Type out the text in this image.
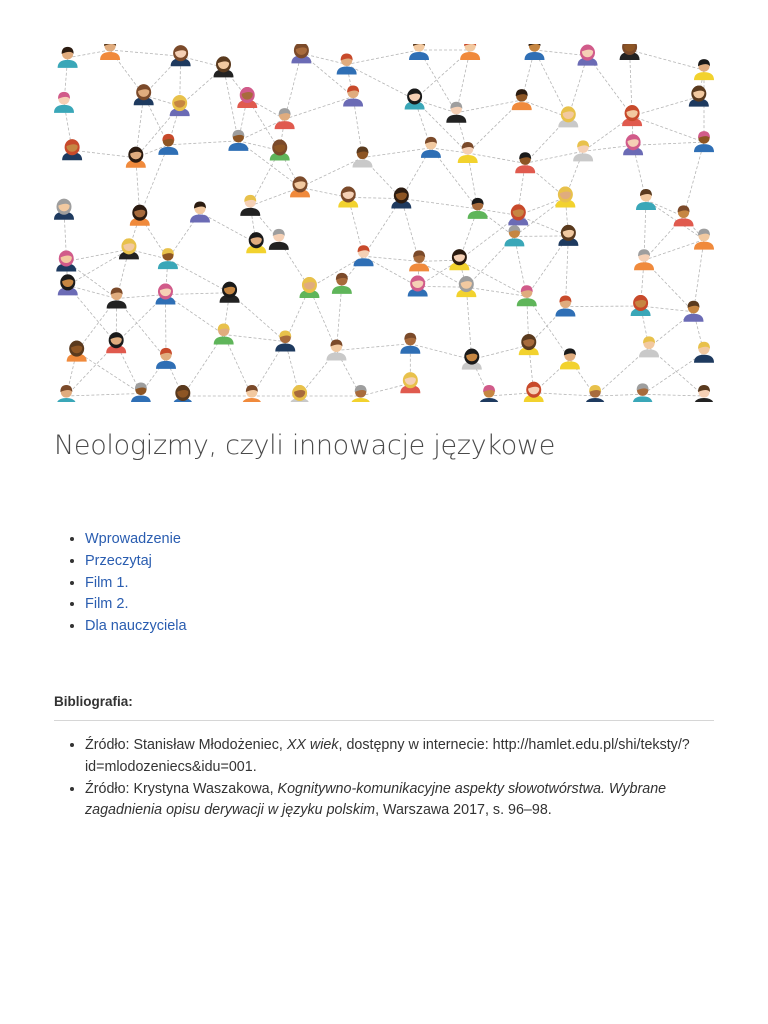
Neologizmy, czyli innowacje językowe
• Wprowadzenie
• Przeczytaj
• Film 1.
• Film 2.
• Dla nauczyciela
Bibliografia:
• Źródło: Stanisław Młodożeniec, XX wiek, dostępny w internecie: http://hamlet.edu.pl/shi/teksty/?id=mlodozeniecs&idu=001.
• Źródło: Krystyna Waszakowa, Kognitywno-komunikacyjne aspekty słowotwórstwa. Wybrane zagadnienia opisu derywacji w języku polskim, Warszawa 2017, s. 96–98.
